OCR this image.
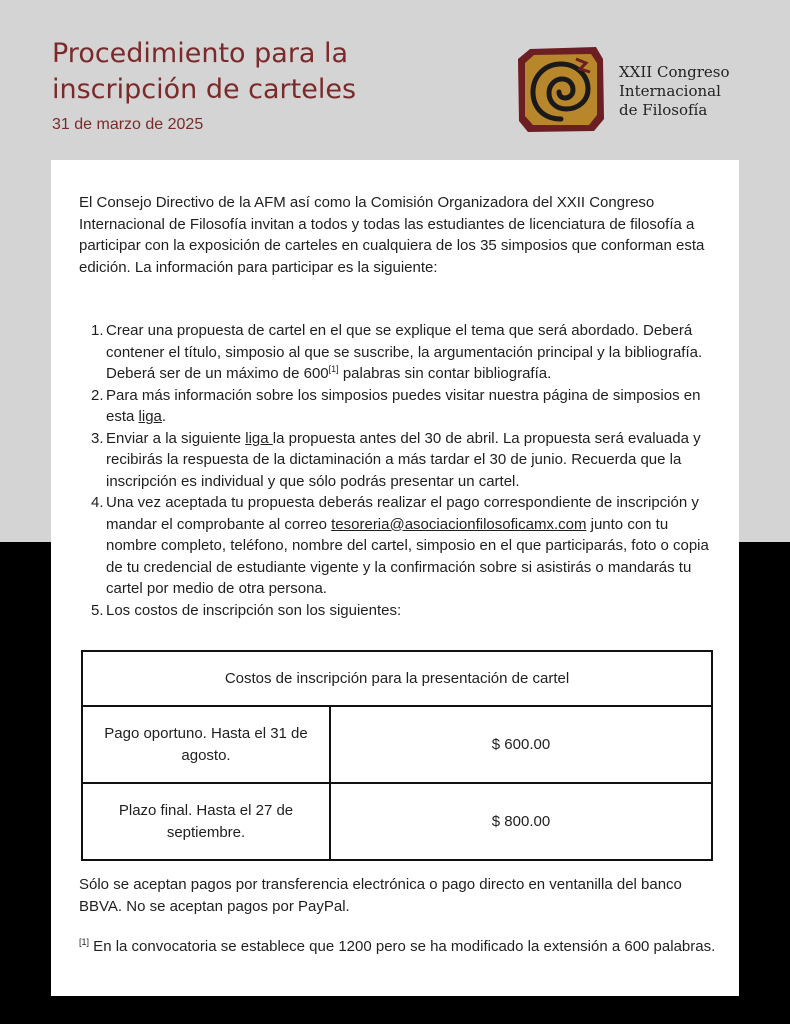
Procedimiento para la inscripción de carteles
31 de marzo de 2025
XXII Congreso
Internacional
de Filosofía

El Consejo Directivo de la AFM así como la Comisión Organizadora del XXII Congreso Internacional de Filosofía invitan a todos y todas las estudiantes de licenciatura de filosofía a participar con la exposición de carteles en cualquiera de los 35 simposios que conforman esta edición. La información para participar es la siguiente:

1. Crear una propuesta de cartel en el que se explique el tema que será abordado. Deberá contener el título, simposio al que se suscribe, la argumentación principal y la bibliografía. Deberá ser de un máximo de 600[1] palabras sin contar bibliografía.
2. Para más información sobre los simposios puedes visitar nuestra página de simposios en esta liga.
3. Enviar a la siguiente liga la propuesta antes del 30 de abril. La propuesta será evaluada y recibirás la respuesta de la dictaminación a más tardar el 30 de junio. Recuerda que la inscripción es individual y que sólo podrás presentar un cartel.
4. Una vez aceptada tu propuesta deberás realizar el pago correspondiente de inscripción y mandar el comprobante al correo tesoreria@asociacionfilosoficamx.com junto con tu nombre completo, teléfono, nombre del cartel, simposio en el que participarás, foto o copia de tu credencial de estudiante vigente y la confirmación sobre si asistirás o mandarás tu cartel por medio de otra persona.
5. Los costos de inscripción son los siguientes:
Costos de inscripción para la presentación de cartel	
Pago oportuno. Hasta el 31 de agosto.	$ 600.00
Plazo final. Hasta el 27 de septiembre.	$ 800.00

Sólo se aceptan pagos por transferencia electrónica o pago directo en ventanilla del banco BBVA. No se aceptan pagos por PayPal.

[1] En la convocatoria se establece que 1200 pero se ha modificado la extensión a 600 palabras.
